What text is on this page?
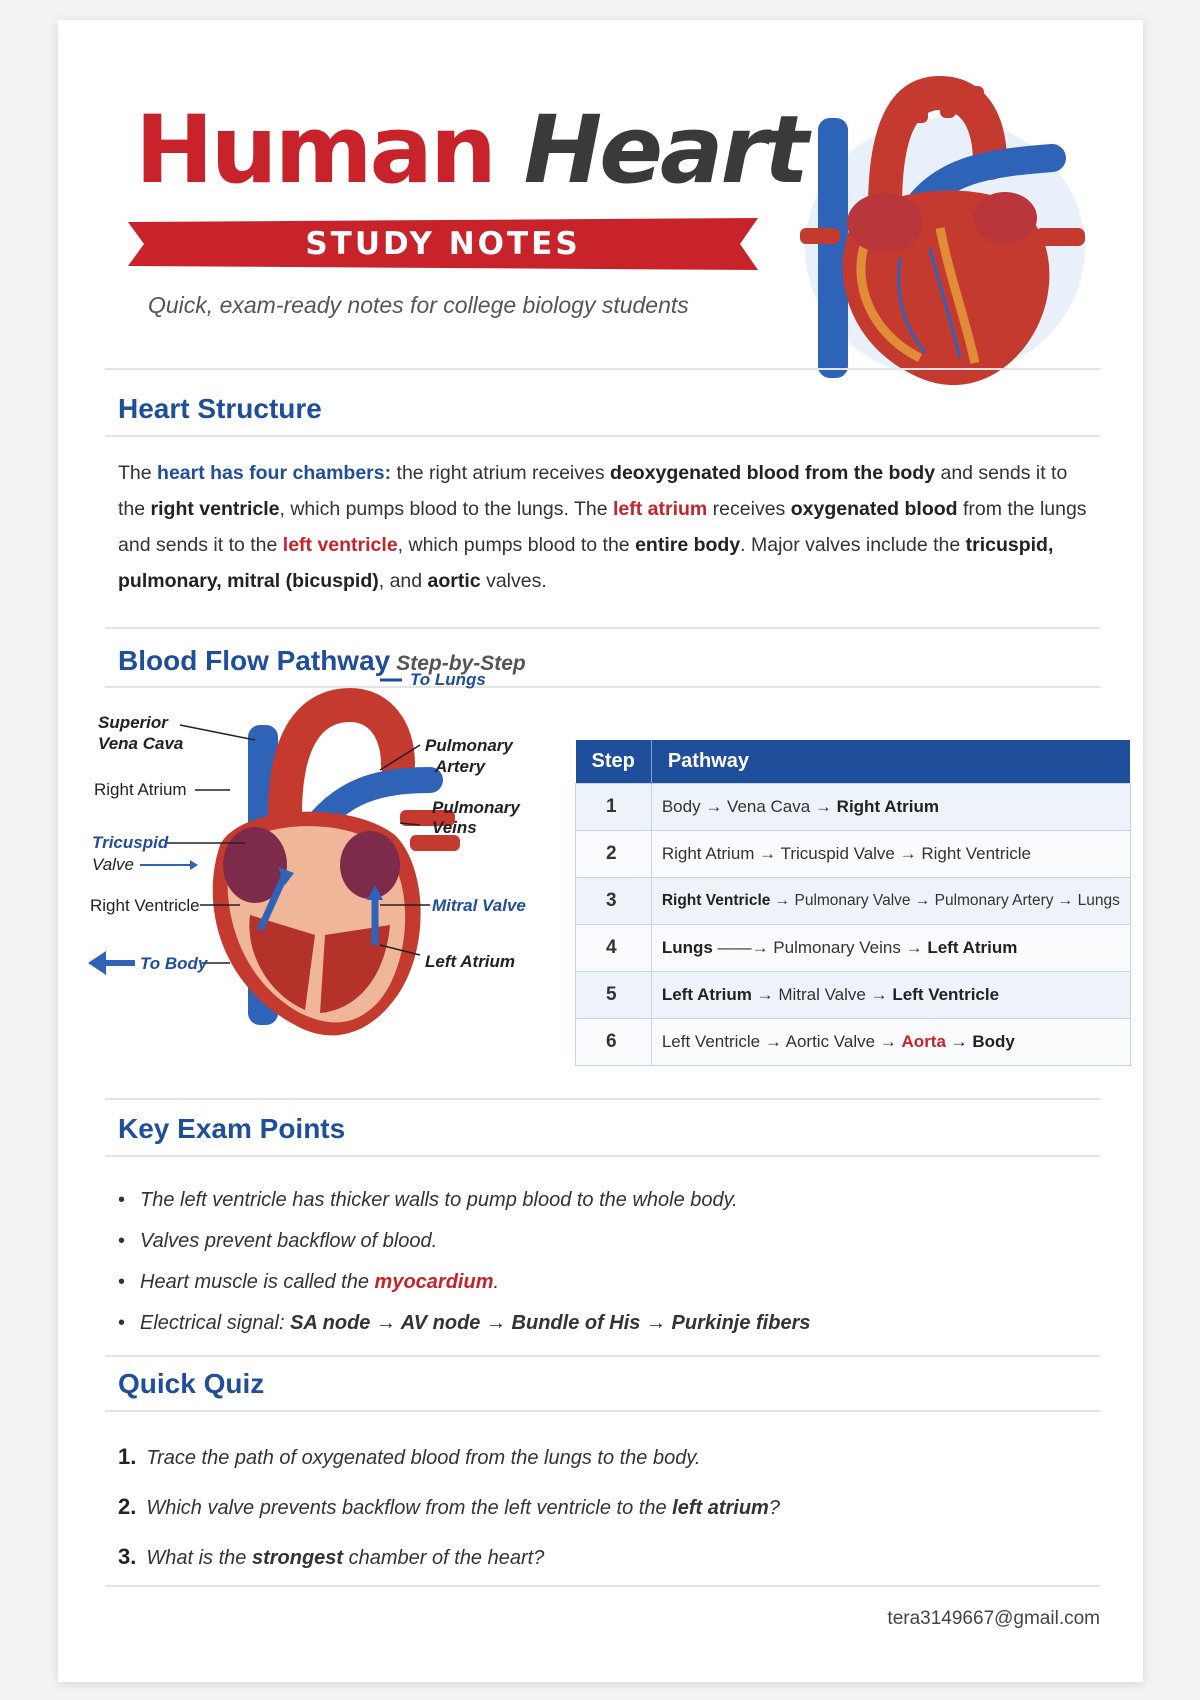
Human Heart
STUDY NOTES
Quick, exam-ready notes for college biology students
Heart Structure
The heart has four chambers: the right atrium receives deoxygenated blood from the body and sends it to the right ventricle, which pumps blood to the lungs. The left atrium receives oxygenated blood from the lungs and sends it to the left ventricle, which pumps blood to the entire body. Major valves include the tricuspid, pulmonary, mitral (bicuspid), and aortic valves.
Blood Flow Pathway Step-by-Step
Superior
Vena Cava	Pulmonary
Artery
Right Atrium
Tricuspid
Valve
Pulmonary
Veins
Right Ventricle	Mitral Valve
Left Atrium
To Lungs
To Body
Step	Pathway
1	Body → Vena Cava → Right Atrium
2	Right Atrium → Tricuspid Valve → Right Ventricle
3	Right Ventricle → Pulmonary Valve → Pulmonary Artery → Lungs
4	Lungs ——→ Pulmonary Veins → Left Atrium
5	Left Atrium → Mitral Valve → Left Ventricle
6	Left Ventricle → Aortic Valve → Aorta → Body
Key Exam Points
• The left ventricle has thicker walls to pump blood to the whole body.
• Valves prevent backflow of blood.
• Heart muscle is called the myocardium.
• Electrical signal: SA node → AV node → Bundle of His → Purkinje fibers
Quick Quiz
1. Trace the path of oxygenated blood from the lungs to the body.
2. Which valve prevents backflow from the left ventricle to the left atrium?
3. What is the strongest chamber of the heart?
tera3149667@gmail.com
